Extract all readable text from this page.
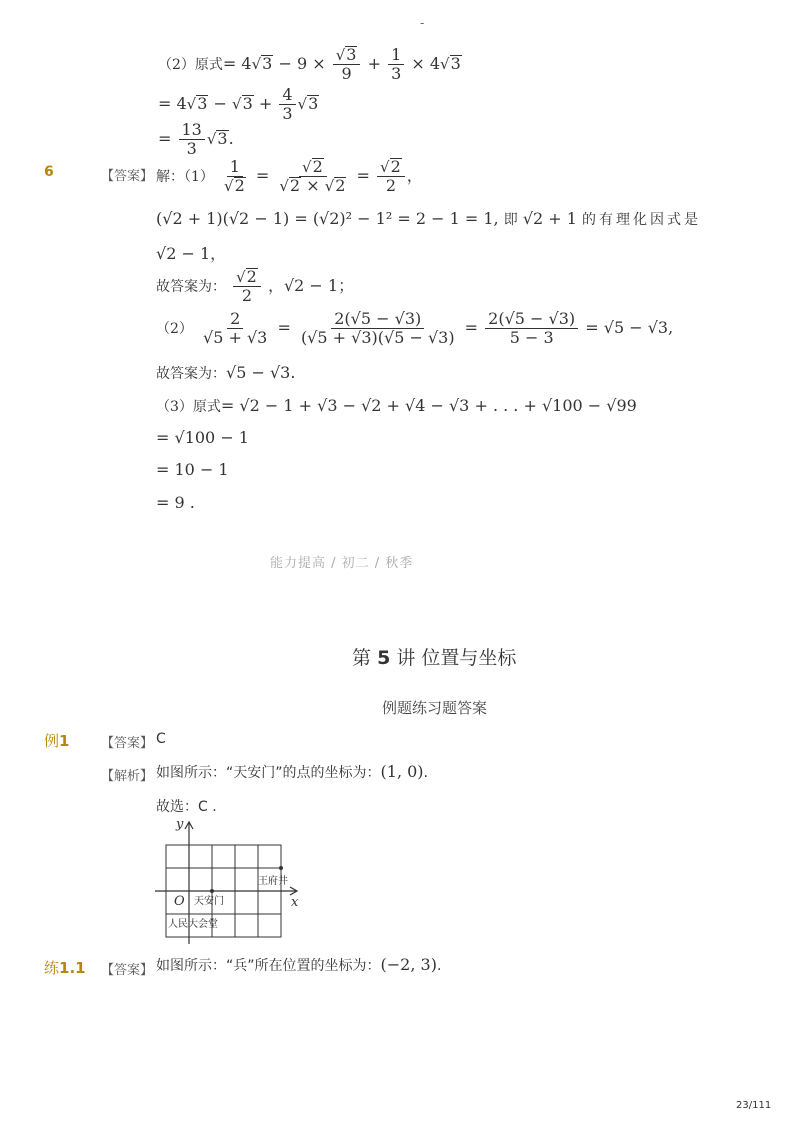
-
（2）原式= $4√3 - 9 \times \frac{√3}{9} + \frac{1}{3} \times 4√3$
= $4√3 - √3 + \frac{4}{3} √3$
= $\frac{13}{3} √3$.
6	【答案】 解：$(1) \frac{1}{√2} = \frac{√2}{√2 \times √2} = \frac{√2}{2}$ ，
(√2 + 1)(√2 − 1) = (√2)² − 1² = 2 − 1 = 1, 即 √2 + 1 的有理化因式是
√2 − 1，
故答案为： $\frac{√2}{2}$ ，√2 − 1；
$(2) \frac{2}{√5 + √3} = \frac{2(√5 - √3)}{(√5 + √3)(√5 - √3)} = \frac{2(√5 - √3)}{5 - 3} = √5 - √3$,
故答案为：√5 − √3.
（3）原式= √2 − 1 + √3 − √2 + √4 − √3 + . . . + √100 − √99
= √100 − 1
= 10 − 1
= 9 .
能力提高 / 初二 / 秋季
第 5 讲 位置与坐标
例题练习题答案
例1 【答案】 C
【解析】 如图所示：“天安门”的点的坐标为：(1, 0).
故选：C .
y
x
O 天安门
王府井
人民大会堂
练1.1 【答案】 如图所示：“兵”所在位置的坐标为：(−2, 3).
23/111
